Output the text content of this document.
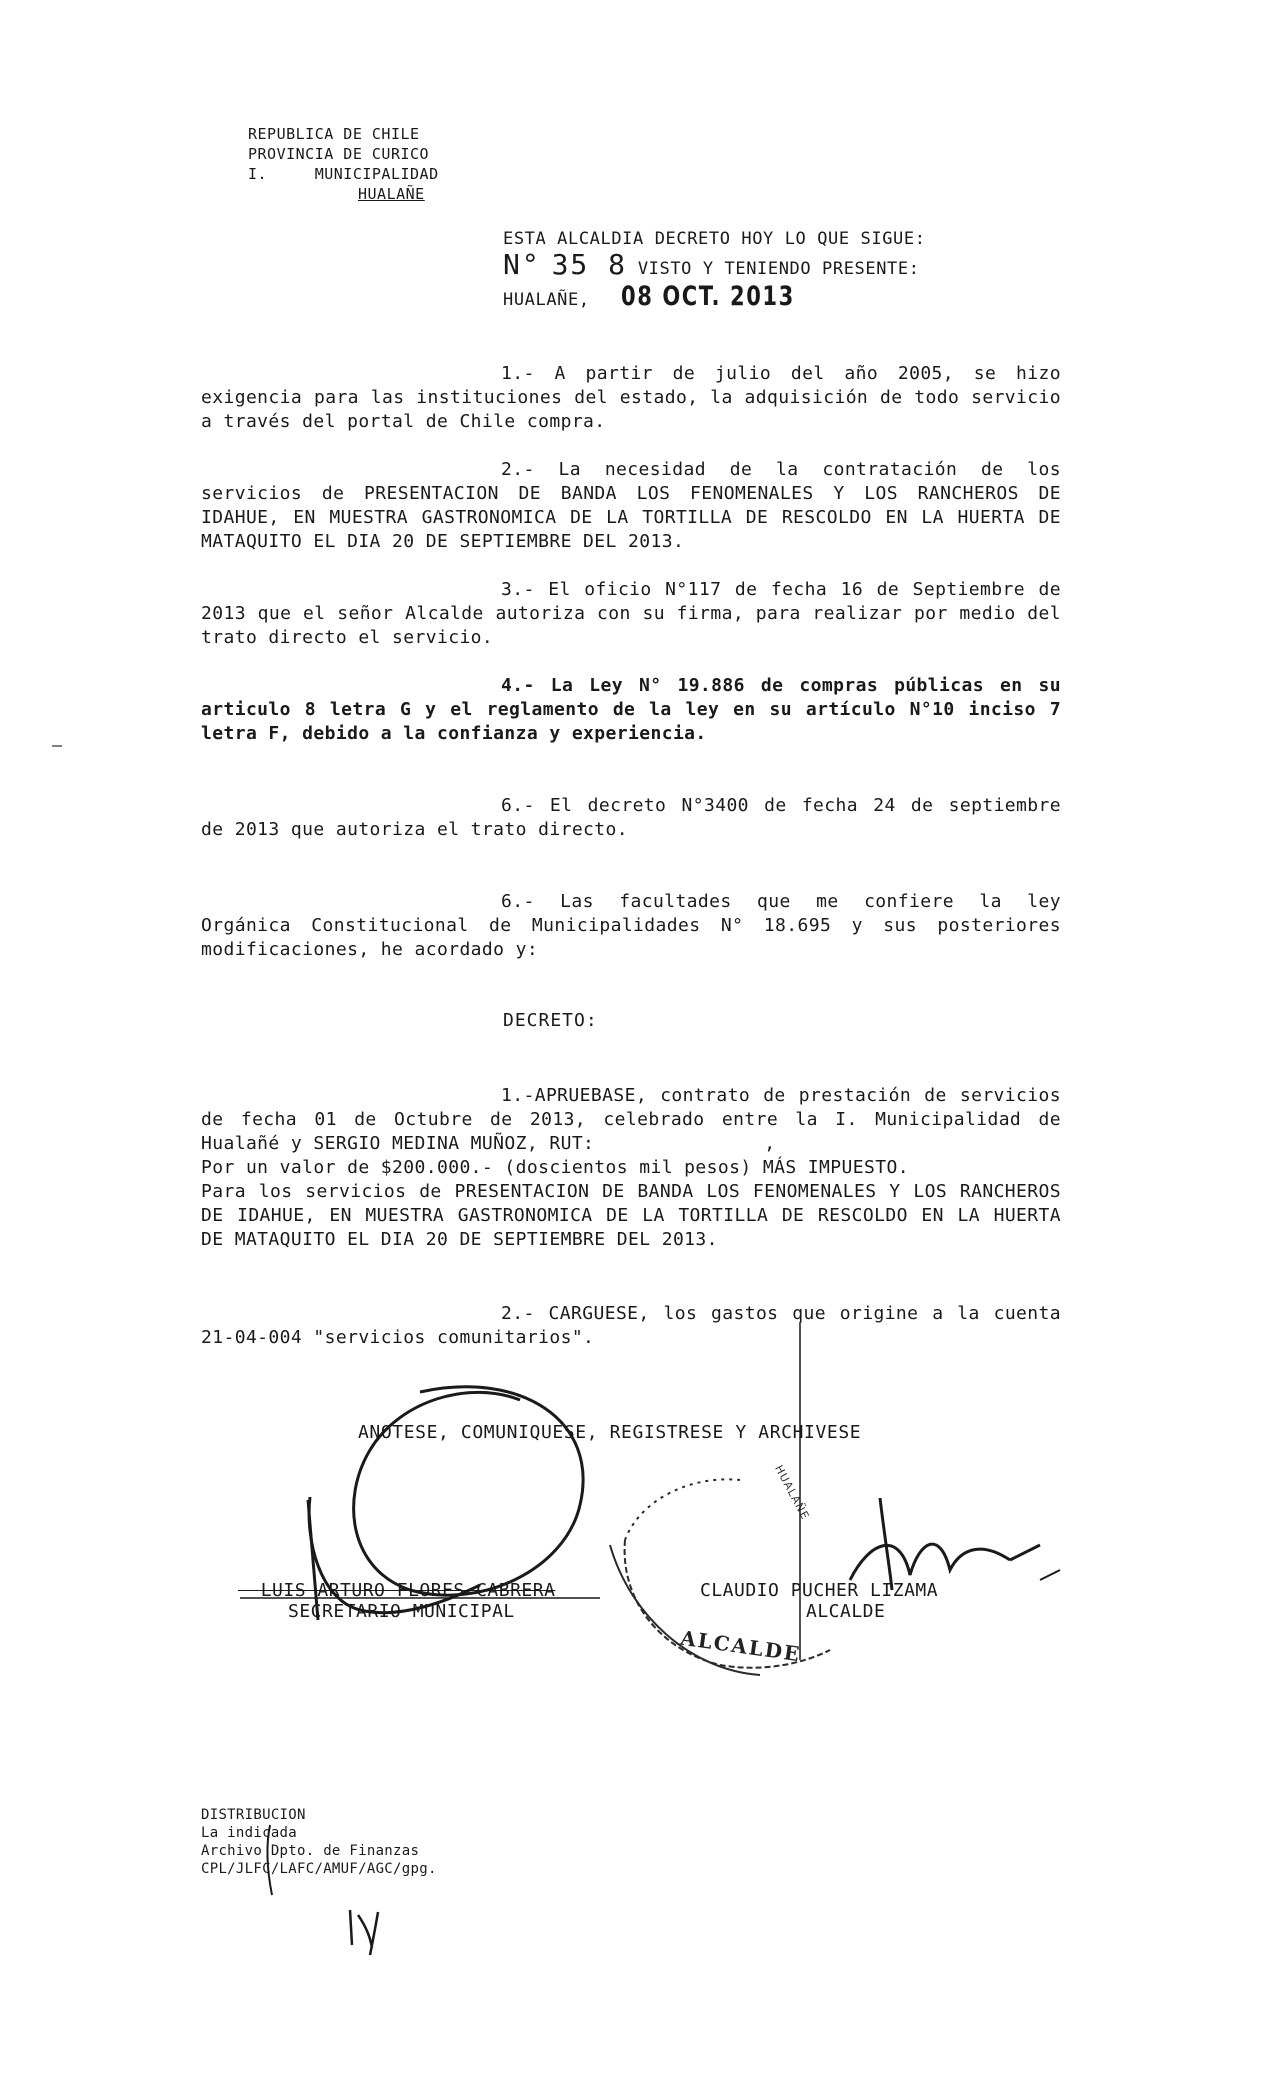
REPUBLICA DE CHILE
PROVINCIA DE CURICO
I.     MUNICIPALIDAD
HUALAÑE
ESTA ALCALDIA DECRETO HOY LO QUE SIGUE:
N° 35 8 VISTO Y TENIENDO PRESENTE:
HUALAÑE, 08 OCT. 2013

1.- A partir de julio del año 2005, se hizo exigencia para las instituciones del estado, la adquisición de todo servicio a través del portal de Chile compra.

2.- La necesidad de la contratación de los servicios de PRESENTACION DE BANDA LOS FENOMENALES Y LOS RANCHEROS DE IDAHUE, EN MUESTRA GASTRONOMICA DE LA TORTILLA DE RESCOLDO EN LA HUERTA DE MATAQUITO EL DIA 20 DE SEPTIEMBRE DEL 2013.

3.- El oficio N°117 de fecha 16 de Septiembre de 2013 que el señor Alcalde autoriza con su firma, para realizar por medio del trato directo el servicio.

4.- La Ley N° 19.886 de compras públicas en su articulo 8 letra G y el reglamento de la ley en su artículo N°10 inciso 7 letra F, debido a la confianza y experiencia.

6.- El decreto N°3400 de fecha 24 de septiembre de 2013 que autoriza el trato directo.

6.- Las facultades que me confiere la ley Orgánica Constitucional de Municipalidades N° 18.695 y sus posteriores modificaciones, he acordado y:

DECRETO:

1.-APRUEBASE, contrato de prestación de servicios de fecha 01 de Octubre de 2013, celebrado entre la I. Municipalidad de Hualañé y SERGIO MEDINA MUÑOZ, RUT:	,
Por un valor de $200.000.- (doscientos mil pesos) MÁS IMPUESTO.
Para los servicios de PRESENTACION DE BANDA LOS FENOMENALES Y LOS RANCHEROS DE IDAHUE, EN MUESTRA GASTRONOMICA DE LA TORTILLA DE RESCOLDO EN LA HUERTA DE MATAQUITO EL DIA 20 DE SEPTIEMBRE DEL 2013.

2.- CARGUESE, los gastos que origine a la cuenta 21-04-004 "servicios comunitarios".

ANOTESE, COMUNIQUESE, REGISTRESE Y ARCHIVESE
LUIS ARTURO FLORES CABRERA
SECRETARIO MUNICIPAL
CLAUDIO PUCHER LIZAMA
ALCALDE
ALCALDE
HUALAÑE
DISTRIBUCION
La indicada
Archivo Dpto. de Finanzas
CPL/JLFC/LAFC/AMUF/AGC/gpg.
